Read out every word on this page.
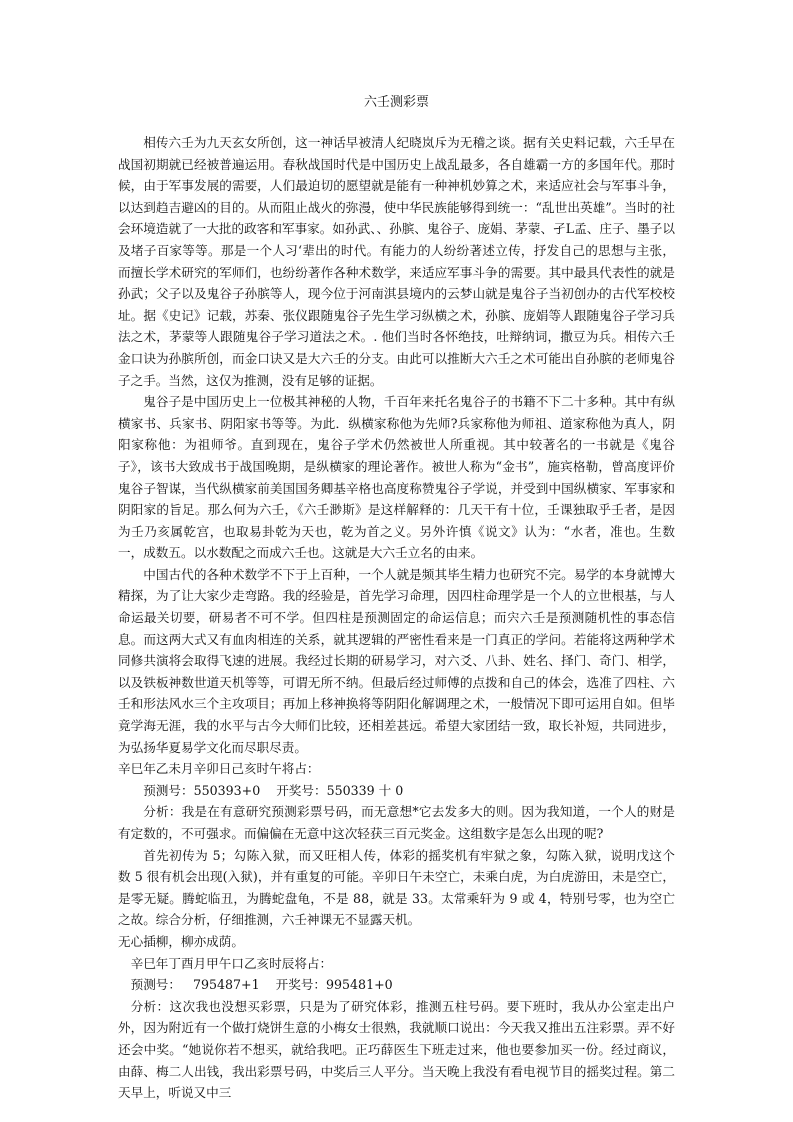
六壬测彩票

相传六壬为九天玄女所创，这一神话早被清人纪晓岚斥为无稽之谈。据有关史料记载，六壬早在战国初期就已经被普遍运用。春秋战国时代是中国历史上战乱最多，各自雄霸一方的多国年代。那时候，由于军事发展的需要，人们最迫切的愿望就是能有一种神机妙算之术，来适应社会与军事斗争，以达到趋吉避凶的目的。从而阻止战火的弥漫，使中华民族能够得到统一：“乱世出英雄”。当时的社会环境造就了一大批的政客和军事家。如孙武、、孙膑、鬼谷子、庞娟、茅蒙、孑L孟、庄子、墨子以及堵子百家等等。那是一个人习‘辈出的时代。有能力的人纷纷著述立传，抒发自己的思想与主张，而擅长学术研究的军师们，也纷纷著作各种术数学，来适应军事斗争的需要。其中最具代表性的就是孙武；父子以及鬼谷子孙膑等人，现今位于河南淇县境内的云梦山就是鬼谷子当初创办的古代军校校址。据《史记》记载，苏秦、张仪跟随鬼谷子先生学习纵横之术，孙膑、庞娟等人跟随鬼谷子学习兵法之术，茅蒙等人跟随鬼谷子学习道法之术。. 他们当时各怀绝技，吐辩纳词，撒豆为兵。相传六壬金口诀为孙膑所创，而金口诀又是大六壬的分支。由此可以推断大六壬之术可能出自孙膑的老师鬼谷子之手。当然，这仅为推测，没有足够的证据。

鬼谷子是中国历史上一位极其神秘的人物，千百年来托名鬼谷子的书籍不下二十多种。其中有纵横家书、兵家书、阴阳家书等等。为此．纵横家称他为先师?兵家称他为师祖、道家称他为真人，阴阳家称他：为祖师爷。直到现在，鬼谷子学术仍然被世人所重视。其中较著名的一书就是《鬼谷子》，该书大致成书于战国晚期，是纵横家的理论著作。被世人称为“金书”，施宾格勒，曾高度评价鬼谷子智谋，当代纵横家前美国国务卿基辛格也高度称赞鬼谷子学说，并受到中国纵横家、军事家和阴阳家的旨足。那么何为六壬，《六壬渺斯》是这样解释的：几天干有十位，壬课独取乎壬者，是因为壬乃亥属乾宫，也取易卦乾为天也，乾为首之义。另外许慎《说文》认为：“水者，准也。生数一，成数五。以水数配之而成六壬也。这就是大六壬立名的由来。

中国古代的各种术数学不下于上百种，一个人就是频其毕生精力也研究不完。易学的本身就博大精探，为了让大家少走弯路。我的经验是，首先学习命理，因四柱命理学是一个人的立世根基，与人命运最关切要，研易者不可不学。但四柱是预测固定的命运信息；而宍六壬是预测随机性的事态信息。而这两大式又有血肉相连的关系，就其逻辑的严密性看来是一门真正的学问。若能将这两种学术同修共演将会取得飞速的进展。我经过长期的研易学习，对六爻、八卦、姓名、择门、奇门、相学，以及铁板神数世道天机等等，可谓无所不纳。但最后经过师傅的点拨和自己的体会，选准了四柱、六壬和形法风水三个主攻项目；再加上移神换将等阴阳化解调理之术，一般情况下即可运用自如。但毕竟学海无涯，我的水平与古今大师们比较，还相差甚远。希望大家团结一致，取长补短，共同进步，为弘扬华夏易学文化而尽职尽责。

辛巳年乙未月辛卯日己亥时午将占：

预测号：550393+0    开奖号：550339 十 0

分析：我是在有意研究预测彩票号码，而无意想*它去发多大的则。因为我知道，一个人的财是有定数的，不可强求。而偏偏在无意中这次轻获三百元奖金。这组数字是怎么出现的呢?

首先初传为 5；勾陈入狱，而又旺相人传，体彩的摇奖机有牢狱之象，勾陈入狱，说明戊这个 数 5 很有机会出现(入狱)，并有重复的可能。辛卯日午未空亡，未乘白虎，为白虎游田，未是空亡，是零无疑。腾蛇临丑，为腾蛇盘龟，不是 88，就是 33。太常乘轩为 9 或 4，特别号零，也为空亡之故。综合分析，仔细推测，六壬神课无不显露天机。

无心插柳，柳亦成荫。

辛巳年丁酉月甲午口乙亥时辰将占：

预测号：   795487+1    开奖号：995481+0

分析：这次我也没想买彩票，只是为了研究体彩，推测五柱号码。要下班时，我从办公室走出户外，因为附近有一个做打烧饼生意的小梅女士很熟，我就顺口说出：今天我又推出五注彩票。弄不好还会中奖。“她说你若不想买，就给我吧。正巧薛医生下班走过来，他也要参加买一份。经过商议，由薛、梅二人出钱，我出彩票号码，中奖后三人平分。当天晚上我没有看电视节目的摇奖过程。第二天早上，听说又中三
